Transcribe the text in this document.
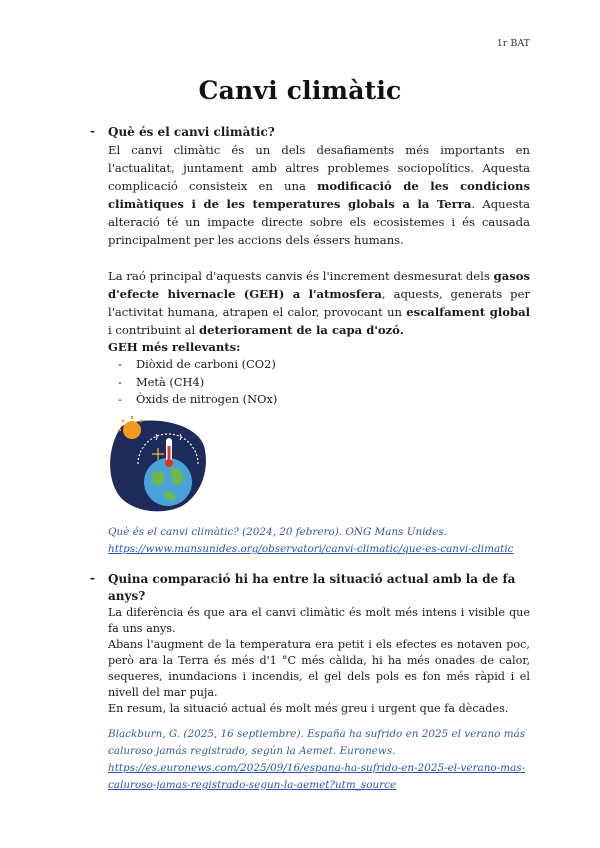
1r BAT
Canvi climàtic
-	Què és el canvi climàtic?
El canvi climàtic és un dels desafiaments més importants en l'actualitat, juntament amb altres problemes sociopolítics. Aquesta complicació consisteix en una modificació de les condicions climàtiques i de les temperatures globals a la Terra. Aquesta alteració té un impacte directe sobre els ecosistemes i és causada principalment per les accions dels éssers humans.
La raó principal d'aquests canvis és l'increment desmesurat dels gasos d'efecte hivernacle (GEH) a l'atmosfera, aquests, generats per l'activitat humana, atrapen el calor, provocant un escalfament global i contribuint al deteriorament de la capa d'ozó.
GEH més rellevants:
- Diòxid de carboni (CO2)
- Metà (CH4)
- Òxids de nitrogen (NOx)
Què és el canvi climàtic? (2024, 20 febrero). ONG Mans Unides.
https://www.mansunides.org/observatori/canvi-climatic/que-es-canvi-climatic
-	Quina comparació hi ha entre la situació actual amb la de fa anys?
La diferència és que ara el canvi climàtic és molt més intens i visible que fa uns anys.
Abans l'augment de la temperatura era petit i els efectes es notaven poc, però ara la Terra és més d'1 °C més càlida, hi ha més onades de calor, sequeres, inundacions i incendis, el gel dels pols es fon més ràpid i el nivell del mar puja.
En resum, la situació actual és molt més greu i urgent que fa dècades.
Blackburn, G. (2025, 16 septiembre). España ha sufrido en 2025 el verano más caluroso jamás registrado, según la Aemet. Euronews.
https://es.euronews.com/2025/09/16/espana-ha-sufrido-en-2025-el-verano-mas-caluroso-jamas-registrado-segun-la-aemet?utm_source
